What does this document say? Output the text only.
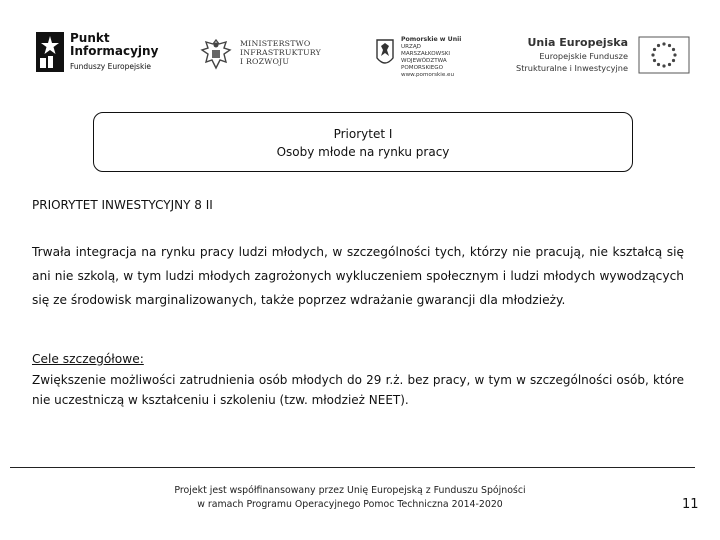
Punkt
Informacyjny
Funduszy Europejskie
MINISTERSTWO
INFRASTRUKTURY
I ROZWOJU
Pomorskie w Unii
URZĄD MARSZAŁKOWSKI
WOJEWÓDZTWA POMORSKIEGO
www.pomorskie.eu
Unia Europejska
Europejskie Fundusze
Strukturalne i Inwestycyjne
Priorytet I
Osoby młode na rynku pracy
PRIORYTET INWESTYCYJNY 8 II
Trwała integracja na rynku pracy ludzi młodych, w szczególności tych, którzy nie pracują, nie kształcą się ani nie szkolą, w tym ludzi młodych zagrożonych wykluczeniem społecznym i ludzi młodych wywodzących się ze środowisk marginalizowanych, także poprzez wdrażanie gwarancji dla młodzieży.
Cele szczegółowe:
Zwiększenie możliwości zatrudnienia osób młodych do 29 r.ż. bez pracy, w tym w szczególności osób, które nie uczestniczą w kształceniu i szkoleniu (tzw. młodzież NEET).
Projekt jest współfinansowany przez Unię Europejską z Funduszu Spójności
w ramach Programu Operacyjnego Pomoc Techniczna 2014-2020	11
